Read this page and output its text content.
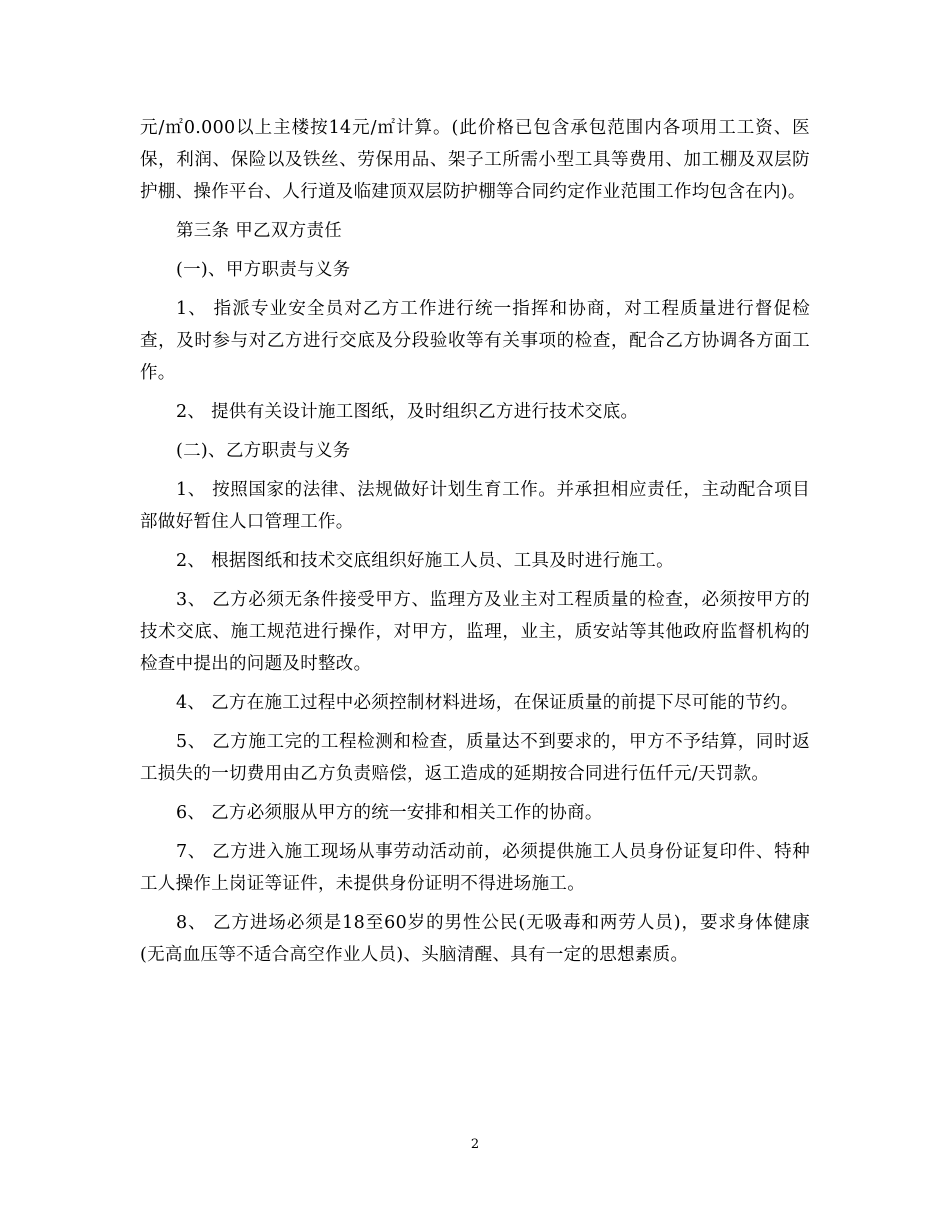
元/㎡0.000以上主楼按14元/㎡计算。(此价格已包含承包范围内各项用工工资、医保，利润、保险以及铁丝、劳保用品、架子工所需小型工具等费用、加工棚及双层防护棚、操作平台、人行道及临建顶双层防护棚等合同约定作业范围工作均包含在内)。

第三条 甲乙双方责任

(一)、甲方职责与义务

1、 指派专业安全员对乙方工作进行统一指挥和协商，对工程质量进行督促检查，及时参与对乙方进行交底及分段验收等有关事项的检查，配合乙方协调各方面工作。

2、 提供有关设计施工图纸，及时组织乙方进行技术交底。

(二)、乙方职责与义务

1、 按照国家的法律、法规做好计划生育工作。并承担相应责任，主动配合项目部做好暂住人口管理工作。

2、 根据图纸和技术交底组织好施工人员、工具及时进行施工。

3、 乙方必须无条件接受甲方、监理方及业主对工程质量的检查，必须按甲方的技术交底、施工规范进行操作，对甲方，监理，业主，质安站等其他政府监督机构的检查中提出的问题及时整改。

4、 乙方在施工过程中必须控制材料进场，在保证质量的前提下尽可能的节约。

5、 乙方施工完的工程检测和检查，质量达不到要求的，甲方不予结算，同时返工损失的一切费用由乙方负责赔偿，返工造成的延期按合同进行伍仟元/天罚款。

6、 乙方必须服从甲方的统一安排和相关工作的协商。

7、 乙方进入施工现场从事劳动活动前，必须提供施工人员身份证复印件、特种工人操作上岗证等证件，未提供身份证明不得进场施工。

8、 乙方进场必须是18至60岁的男性公民(无吸毒和两劳人员)，要求身体健康(无高血压等不适合高空作业人员)、头脑清醒、具有一定的思想素质。

2
